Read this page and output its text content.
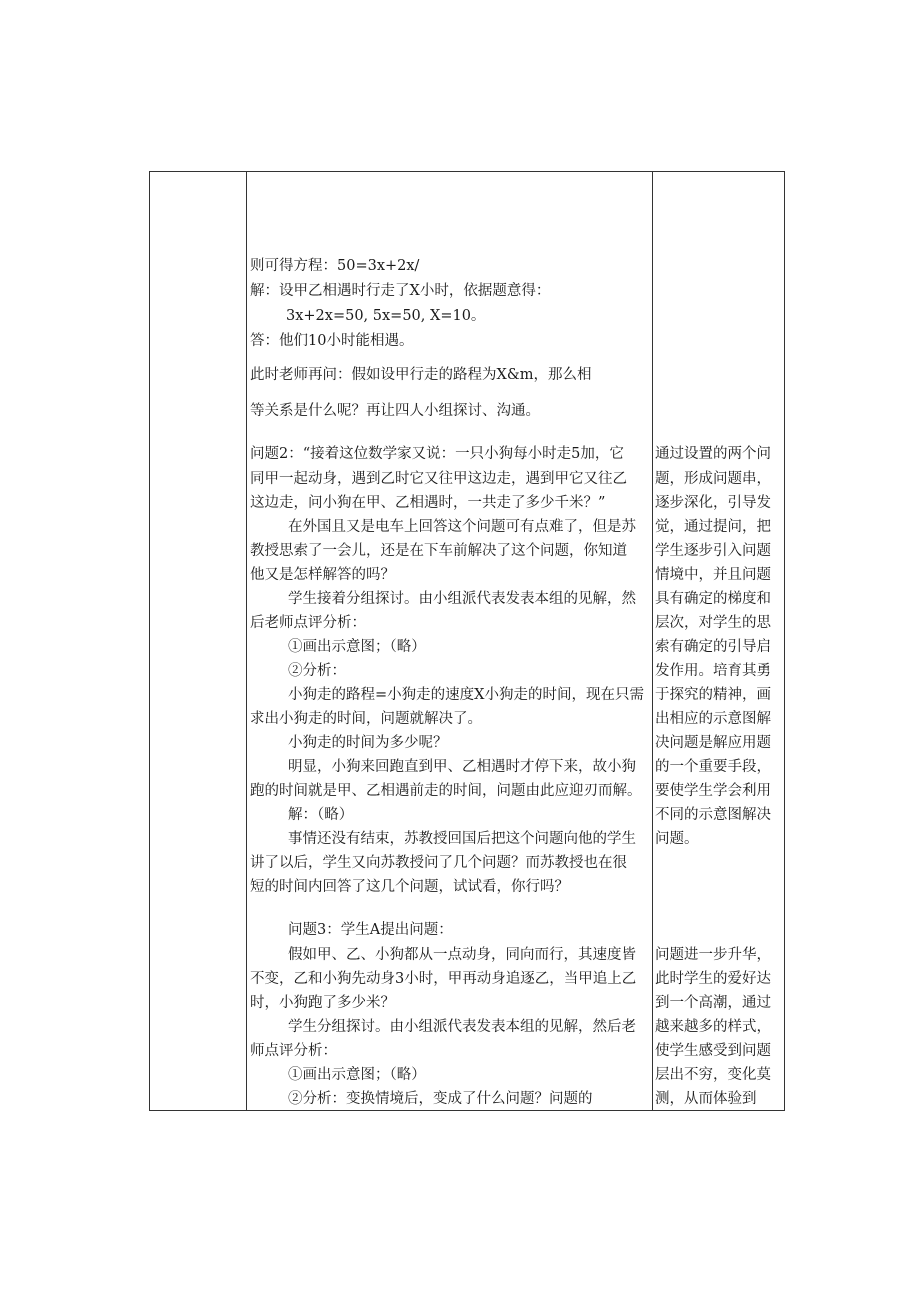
则可得方程：50=3x+2x/
解：设甲乙相遇时行走了X小时，依据题意得：
3x+2x=50, 5x=50, X=10。
答：他们10小时能相遇。
此时老师再问：假如设甲行走的路程为X&m，那么相
等关系是什么呢？再让四人小组探讨、沟通。
问题2：“接着这位数学家又说：一只小狗每小时走5加，它
同甲一起动身，遇到乙时它又往甲这边走，遇到甲它又往乙
这边走，问小狗在甲、乙相遇时，一共走了多少千米？”
在外国且又是电车上回答这个问题可有点难了，但是苏
教授思索了一会儿，还是在下车前解决了这个问题，你知道
他又是怎样解答的吗？
学生接着分组探讨。由小组派代表发表本组的见解，然
后老师点评分析：
①画出示意图；（略）
②分析：
小狗走的路程=小狗走的速度X小狗走的时间，现在只需
求出小狗走的时间，问题就解决了。
小狗走的时间为多少呢？
明显，小狗来回跑直到甲、乙相遇时才停下来，故小狗
跑的时间就是甲、乙相遇前走的时间，问题由此应迎刃而解。
解：（略）
事情还没有结束，苏教授回国后把这个问题向他的学生
讲了以后，学生又向苏教授问了几个问题？而苏教授也在很
短的时间内回答了这几个问题，试试看，你行吗？
问题3：学生A提出问题：
假如甲、乙、小狗都从一点动身，同向而行，其速度皆
不变，乙和小狗先动身3小时，甲再动身追逐乙，当甲追上乙
时，小狗跑了多少米？
学生分组探讨。由小组派代表发表本组的见解，然后老
师点评分析：
①画出示意图；（略）
②分析：变换情境后，变成了什么问题？问题的
通过设置的两个问
题，形成问题串，
逐步深化，引导发
觉，通过提问，把
学生逐步引入问题
情境中，并且问题
具有确定的梯度和
层次，对学生的思
索有确定的引导启
发作用。培育其勇
于探究的精神，画
出相应的示意图解
决问题是解应用题
的一个重要手段，
要使学生学会利用
不同的示意图解决
问题。
问题进一步升华，
此时学生的爱好达
到一个高潮，通过
越来越多的样式，
使学生感受到问题
层出不穷，变化莫
测，从而体验到
